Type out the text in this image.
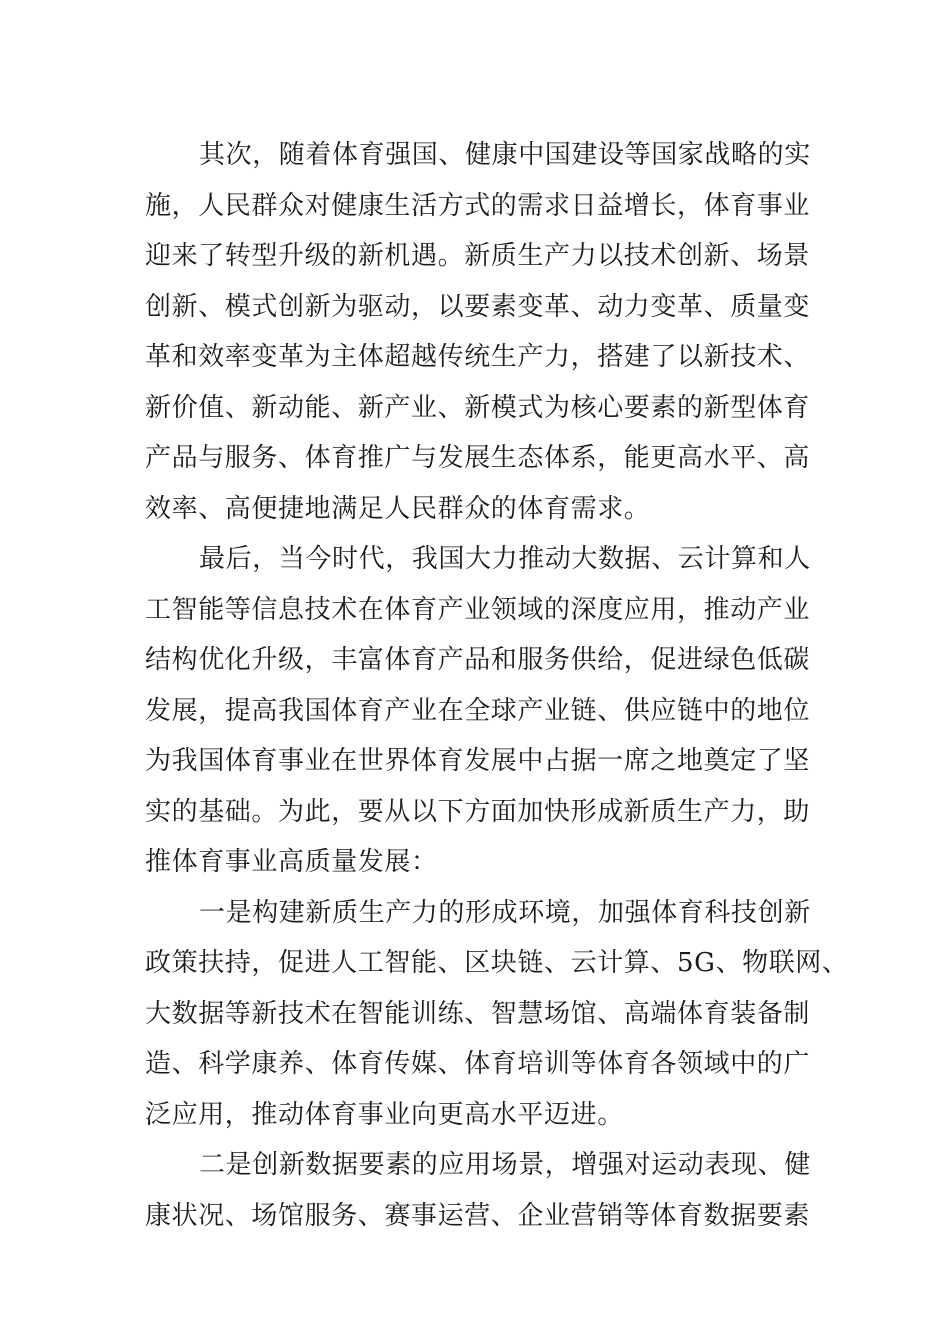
其次，随着体育强国、健康中国建设等国家战略的实
施，人民群众对健康生活方式的需求日益增长，体育事业
迎来了转型升级的新机遇。新质生产力以技术创新、场景
创新、模式创新为驱动，以要素变革、动力变革、质量变
革和效率变革为主体超越传统生产力，搭建了以新技术、
新价值、新动能、新产业、新模式为核心要素的新型体育
产品与服务、体育推广与发展生态体系，能更高水平、高
效率、高便捷地满足人民群众的体育需求。
最后，当今时代，我国大力推动大数据、云计算和人
工智能等信息技术在体育产业领域的深度应用，推动产业
结构优化升级，丰富体育产品和服务供给，促进绿色低碳
发展，提高我国体育产业在全球产业链、供应链中的地位
为我国体育事业在世界体育发展中占据一席之地奠定了坚
实的基础。为此，要从以下方面加快形成新质生产力，助
推体育事业高质量发展：
一是构建新质生产力的形成环境，加强体育科技创新
政策扶持，促进人工智能、区块链、云计算、5G、物联网、
大数据等新技术在智能训练、智慧场馆、高端体育装备制
造、科学康养、体育传媒、体育培训等体育各领域中的广
泛应用，推动体育事业向更高水平迈进。
二是创新数据要素的应用场景，增强对运动表现、健
康状况、场馆服务、赛事运营、企业营销等体育数据要素
